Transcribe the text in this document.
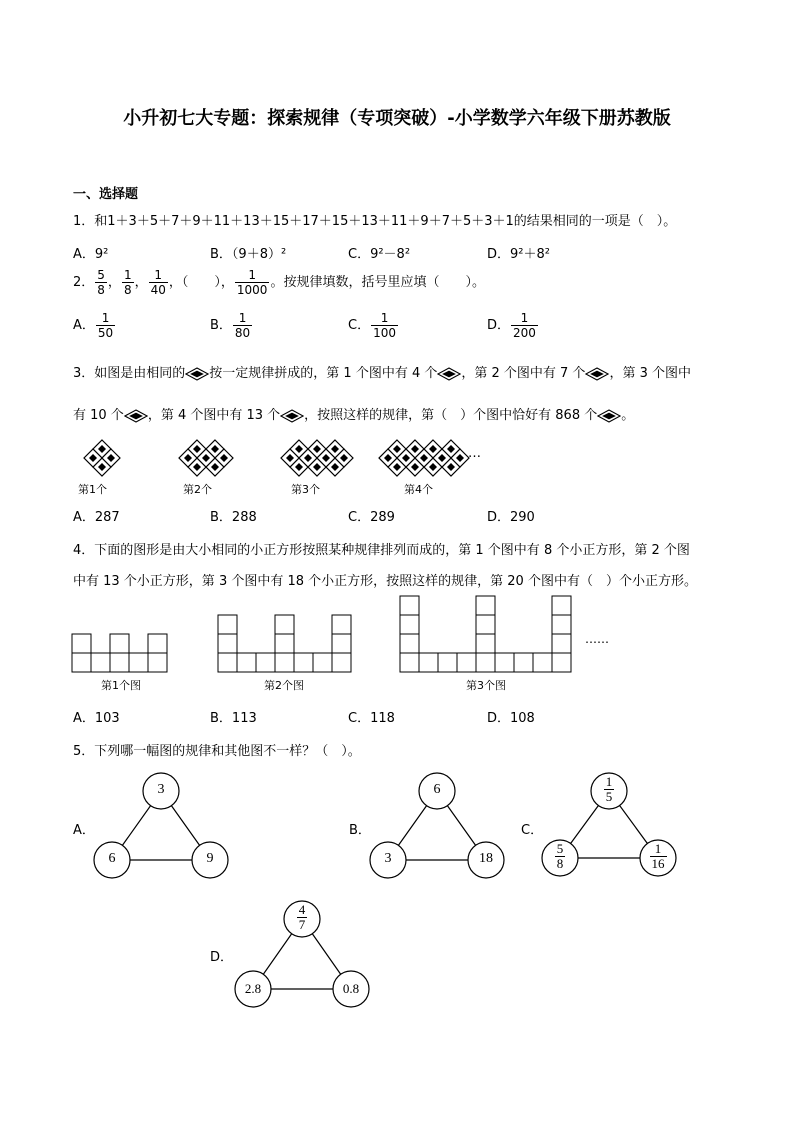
小升初七大专题：探索规律（专项突破）-小学数学六年级下册苏教版
一、选择题
1．和1＋3＋5＋7＋9＋11＋13＋15＋17＋15＋13＋11＋9＋7＋5＋3＋1的结果相同的一项是（　）。
A．9²	B．（9＋8）²	C．9²－8²	D．9²＋8²
2． $\frac{5}{8}$ ， $\frac{1}{8}$ ， $\frac{1}{40}$ ，（　　）， $\frac{1}{1000}$ 。按规律填数，括号里应填（　　）。
A． $\frac{1}{50}$	B． $\frac{1}{80}$	C． $\frac{1}{100}$	D． $\frac{1}{200}$
3．如图是由相同的 按一定规律拼成的，第 1 个图中有 4 个 ，第 2 个图中有 7 个 ，第 3 个图中
有 10 个 ，第 4 个图中有 13 个 ，按照这样的规律，第（　）个图中恰好有 868 个 。
第1个	第2个	第3个	第4个
…
A．287	B．288	C．289	D．290
4．下面的图形是由大小相同的小正方形按照某种规律排列而成的，第 1 个图中有 8 个小正方形，第 2 个图
中有 13 个小正方形，第 3 个图中有 18 个小正方形，按照这样的规律，第 20 个图中有（　）个小正方形。
第1个图	第2个图	第3个图
……
A．103	B．113	C．118	D．108
5．下列哪一幅图的规律和其他图不一样？（　）。
A．	B．	C．
D．
3
6	9
6
3	18
$\frac{1}{5}$
$\frac{5}{8}$	$\frac{1}{16}$
$\frac{4}{7}$
2.8	0.8
